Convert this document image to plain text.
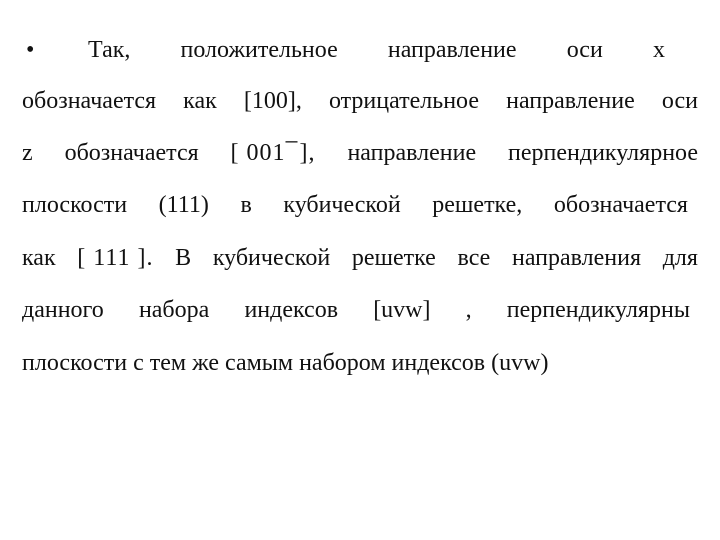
• Так, положительное направление оси x
обозначается как [100], отрицательное направление оси
z обозначается [ 001 ̅ ], направление перпендикулярное
плоскости (111) в кубической решетке, обозначается
как [ 111 ]. В кубической решетке все направления для
данного набора индексов [uvw] , перпендикулярны
плоскости с тем же самым набором индексов (uvw)
